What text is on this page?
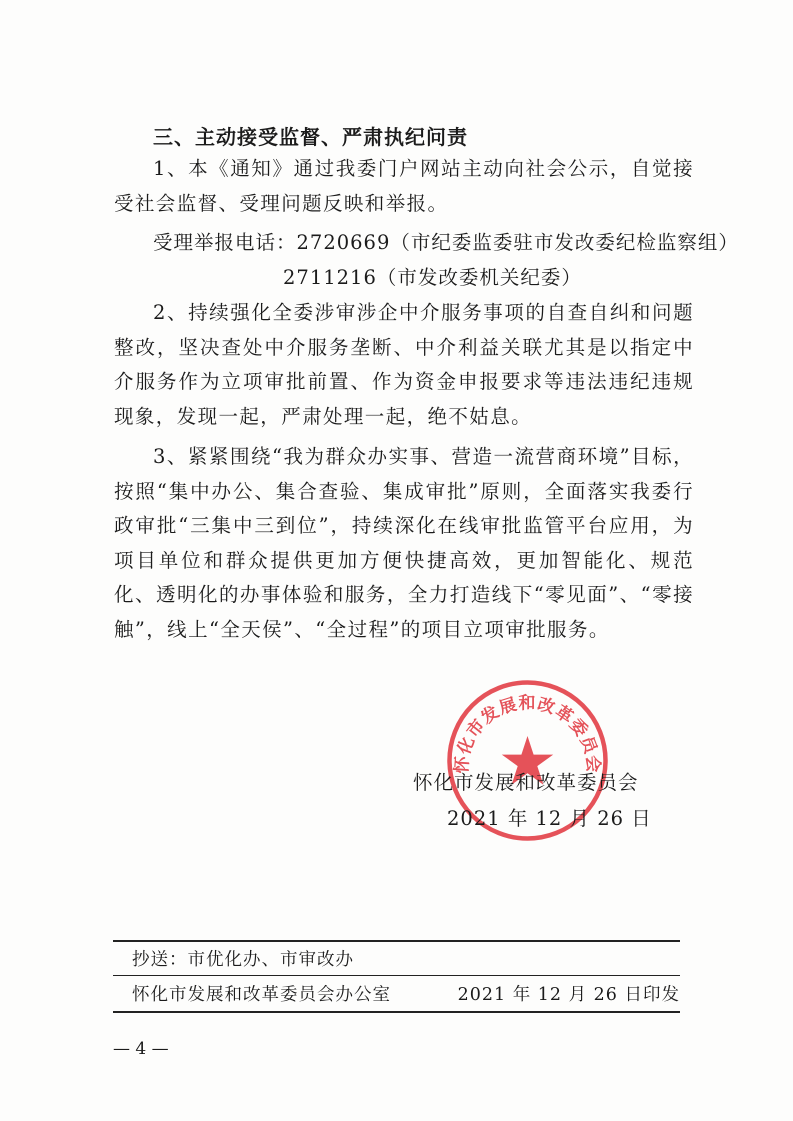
三、主动接受监督、严肃执纪问责
1、本《通知》通过我委门户网站主动向社会公示，自觉接受社会监督、受理问题反映和举报。
受理举报电话：2720669（市纪委监委驻市发改委纪检监察组）
2711216（市发改委机关纪委）
2、持续强化全委涉审涉企中介服务事项的自查自纠和问题整改，坚决查处中介服务垄断、中介利益关联尤其是以指定中介服务作为立项审批前置、作为资金申报要求等违法违纪违规现象，发现一起，严肃处理一起，绝不姑息。
3、紧紧围绕“我为群众办实事、营造一流营商环境”目标，按照“集中办公、集合查验、集成审批”原则，全面落实我委行政审批“三集中三到位”，持续深化在线审批监管平台应用，为项目单位和群众提供更加方便快捷高效，更加智能化、规范化、透明化的办事体验和服务，全力打造线下“零见面”、“零接触”，线上“全天侯”、“全过程”的项目立项审批服务。
怀化市发展和改革委员会
怀化市发展和改革委员会
2021 年 12 月 26 日
抄送：市优化办、市审改办
怀化市发展和改革委员会办公室	2021 年 12 月 26 日印发
— 4 —
